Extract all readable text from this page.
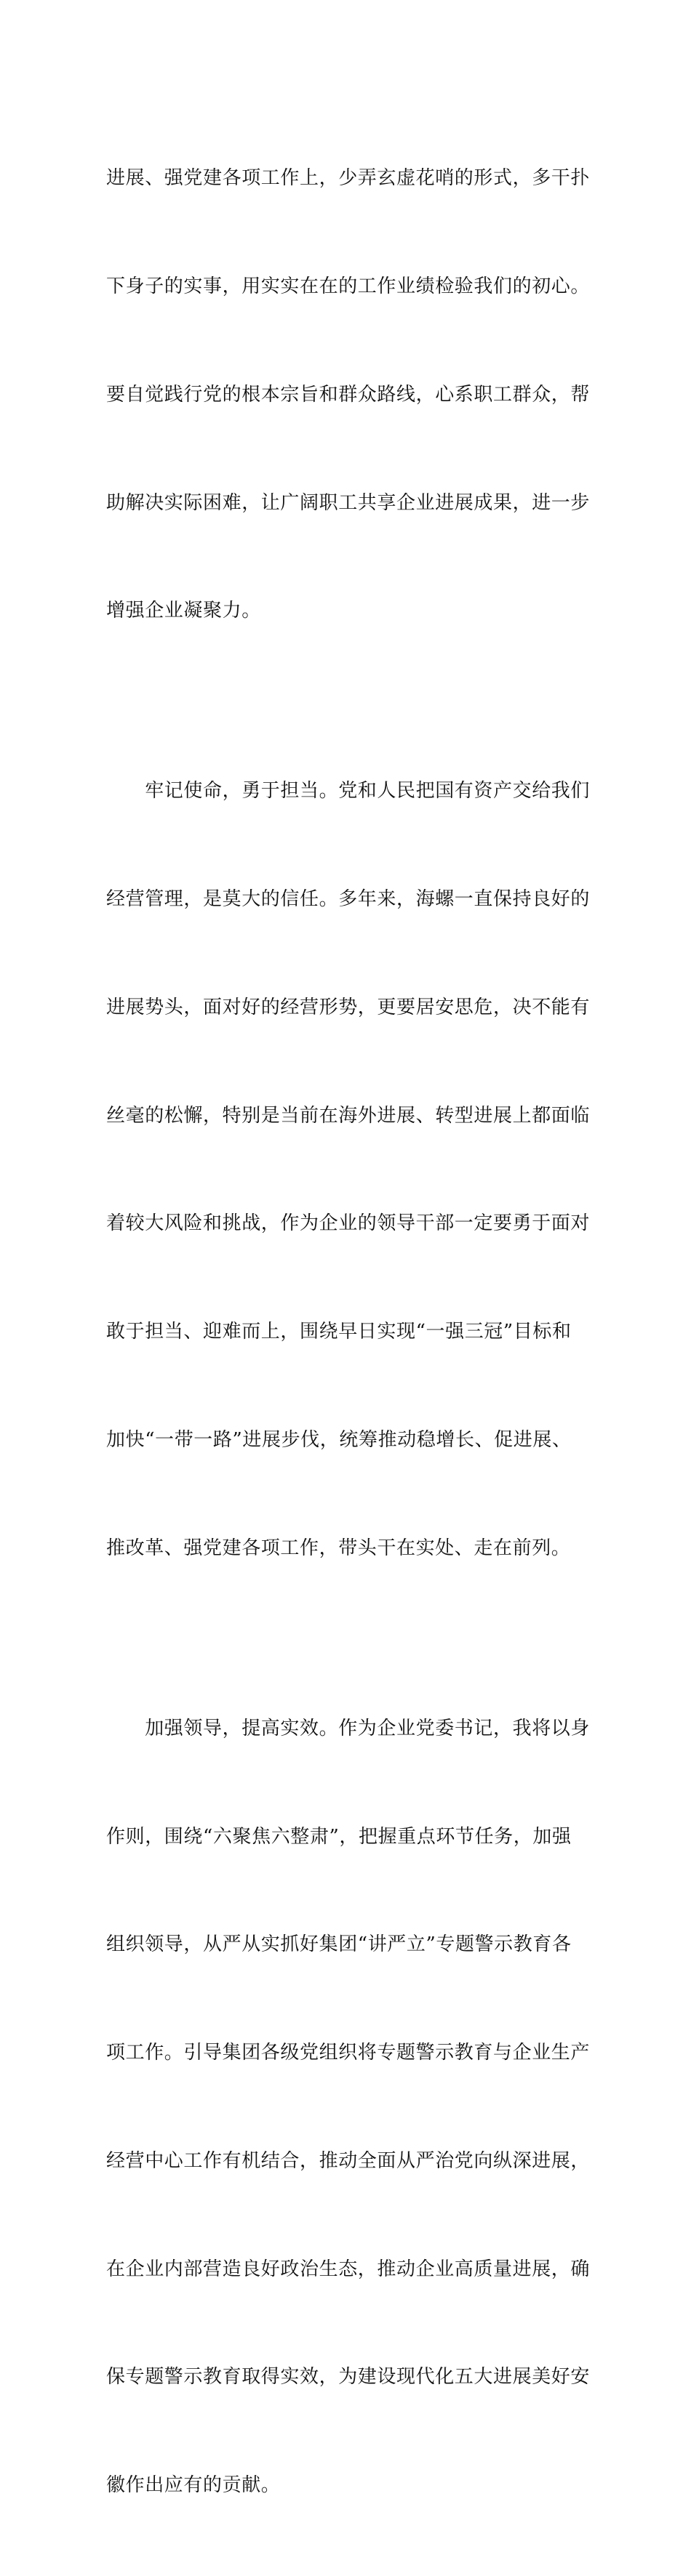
进展、强党建各项工作上，少弄玄虚花哨的形式，多干扑

下身子的实事，用实实在在的工作业绩检验我们的初心。

要自觉践行党的根本宗旨和群众路线，心系职工群众，帮

助解决实际困难，让广阔职工共享企业进展成果，进一步

增强企业凝聚力。

　　牢记使命，勇于担当。党和人民把国有资产交给我们

经营管理，是莫大的信任。多年来，海螺一直保持良好的

进展势头，面对好的经营形势，更要居安思危，决不能有

丝毫的松懈，特别是当前在海外进展、转型进展上都面临

着较大风险和挑战，作为企业的领导干部一定要勇于面对

敢于担当、迎难而上，围绕早日实现“一强三冠”目标和

加快“一带一路”进展步伐，统筹推动稳增长、促进展、

推改革、强党建各项工作，带头干在实处、走在前列。

　　加强领导，提高实效。作为企业党委书记，我将以身

作则，围绕“六聚焦六整肃”，把握重点环节任务，加强

组织领导，从严从实抓好集团“讲严立”专题警示教育各

项工作。引导集团各级党组织将专题警示教育与企业生产

经营中心工作有机结合，推动全面从严治党向纵深进展，

在企业内部营造良好政治生态，推动企业高质量进展，确

保专题警示教育取得实效，为建设现代化五大进展美好安

徽作出应有的贡献。
